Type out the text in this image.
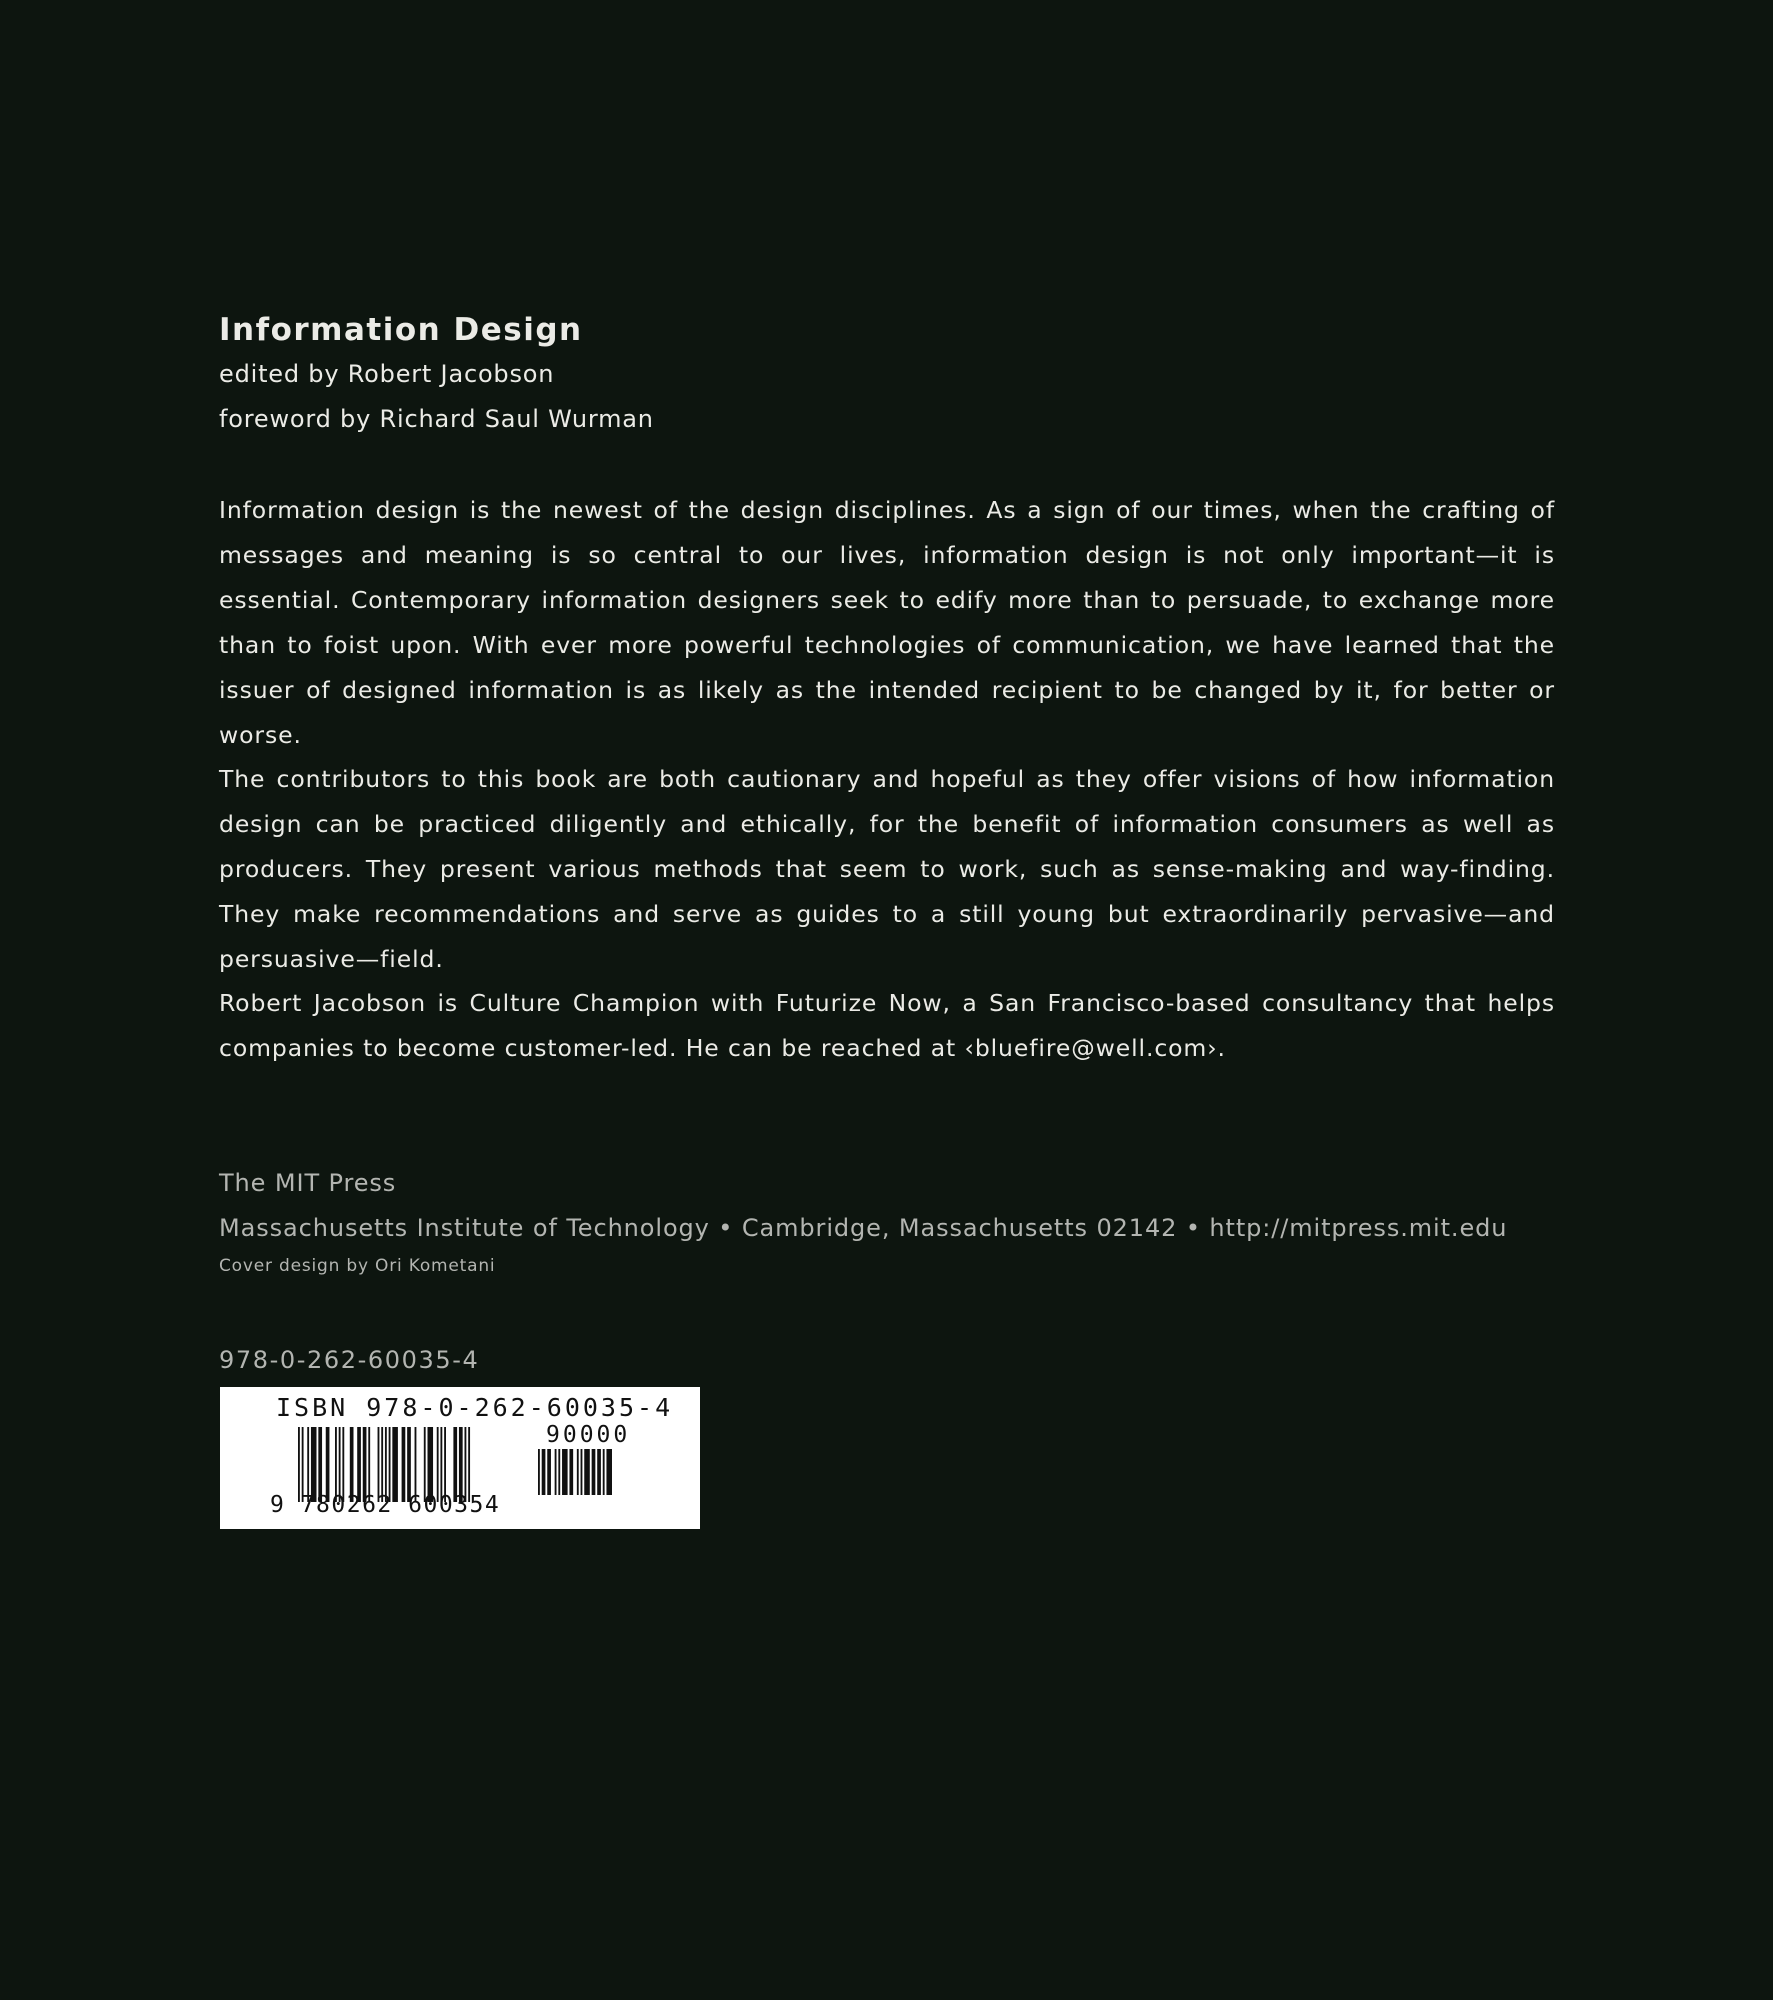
Information Design

edited by Robert Jacobson

foreword by Richard Saul Wurman

Information design is the newest of the design disciplines. As a sign of our times, when the crafting of messages and meaning is so central to our lives, information design is not only important—it is essential. Contemporary information designers seek to edify more than to persuade, to exchange more than to foist upon. With ever more powerful technologies of communication, we have learned that the issuer of designed information is as likely as the intended recipient to be changed by it, for better or worse.

The contributors to this book are both cautionary and hopeful as they offer visions of how information design can be practiced diligently and ethically, for the benefit of information consumers as well as producers. They present various methods that seem to work, such as sense-making and way-finding. They make recommendations and serve as guides to a still young but extraordinarily pervasive—and persuasive—field.

Robert Jacobson is Culture Champion with Futurize Now, a San Francisco-based consultancy that helps companies to become customer-led. He can be reached at ‹bluefire@well.com›.

The MIT Press

Massachusetts Institute of Technology • Cambridge, Massachusetts 02142 • http://mitpress.mit.edu

Cover design by Ori Kometani

978-0-262-60035-4

ISBN 978-0-262-60035-4
90000
9 780262 600354
